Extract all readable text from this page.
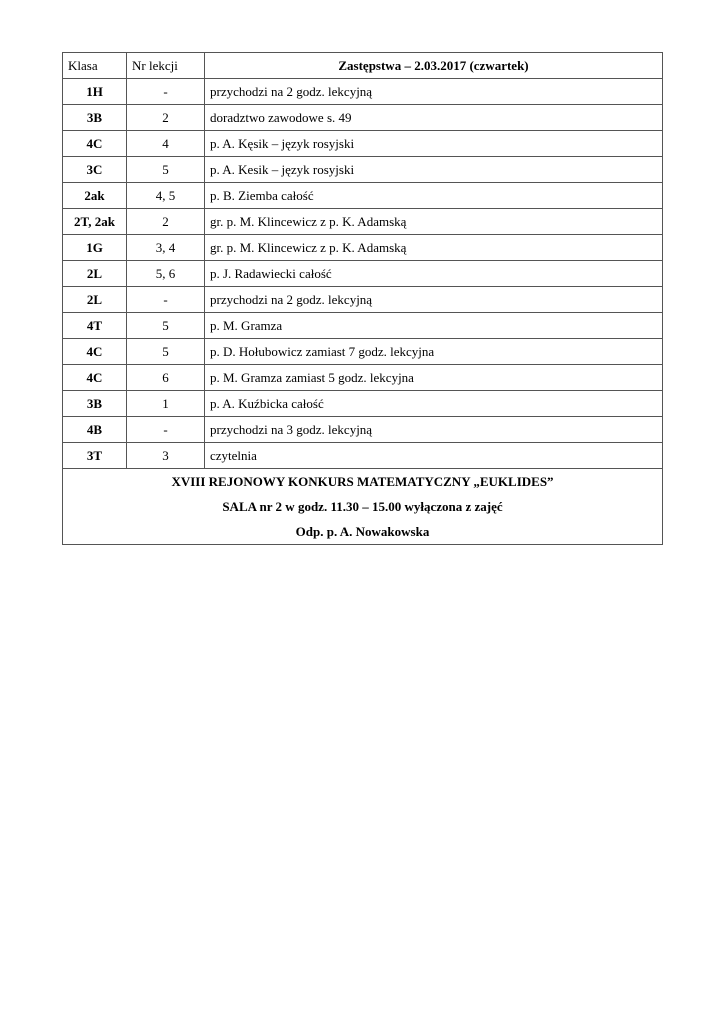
Klasa	Nr lekcji	Zastępstwa – 2.03.2017 (czwartek)
1H	-	przychodzi na 2 godz. lekcyjną
3B	2	doradztwo zawodowe s. 49
4C	4	p. A. Kęsik – język rosyjski
3C	5	p. A. Kesik – język rosyjski
2ak	4, 5	p. B. Ziemba całość
2T, 2ak	2	gr. p. M. Klincewicz z p. K. Adamską
1G	3, 4	gr. p. M. Klincewicz z p. K. Adamską
2L	5, 6	p. J. Radawiecki całość
2L	-	przychodzi na 2 godz. lekcyjną
4T	5	p. M. Gramza
4C	5	p. D. Hołubowicz zamiast 7 godz. lekcyjna
4C	6	p. M. Gramza zamiast 5 godz. lekcyjna
3B	1	p. A. Kuźbicka całość
4B	-	przychodzi na 3 godz. lekcyjną
3T	3	czytelnia

XVIII REJONOWY KONKURS MATEMATYCZNY „EUKLIDES”
SALA nr 2 w godz. 11.30 – 15.00 wyłączona z zajęć
Odp. p. A. Nowakowska		
